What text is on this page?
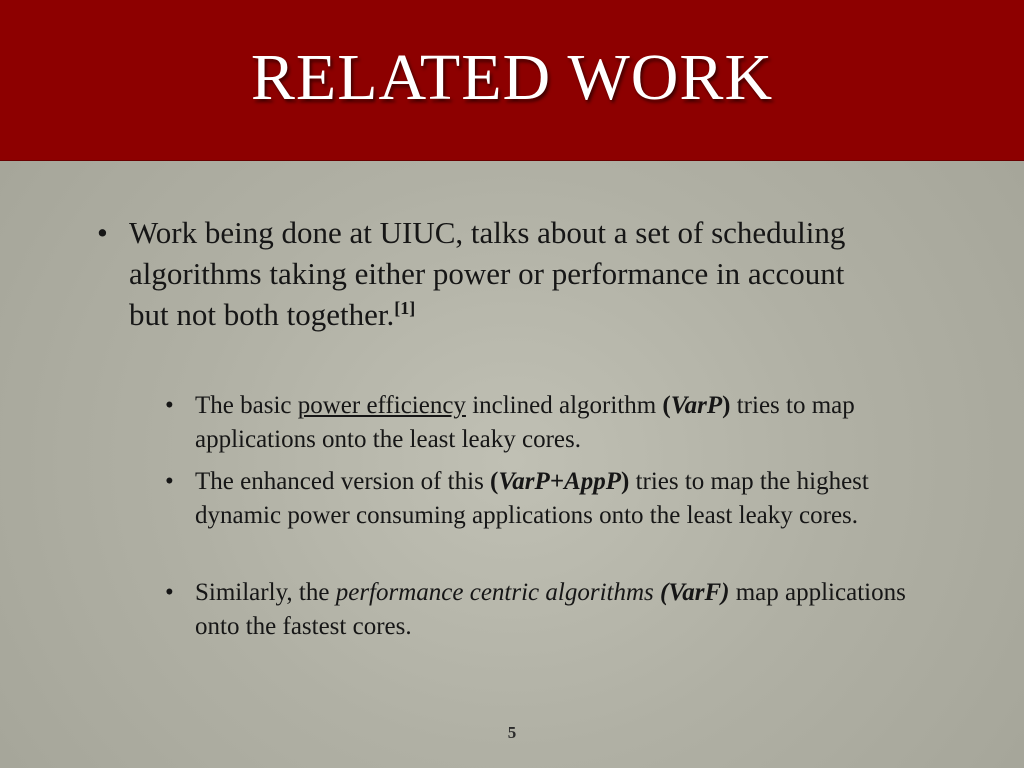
RELATED WORK
• Work being done at UIUC, talks about a set of scheduling algorithms taking either power or performance in account but not both together.[1]
• The basic power efficiency inclined algorithm (VarP) tries to map applications onto the least leaky cores.
• The enhanced version of this (VarP+AppP) tries to map the highest dynamic power consuming applications onto the least leaky cores.
• Similarly, the performance centric algorithms (VarF) map applications onto the fastest cores.
5
